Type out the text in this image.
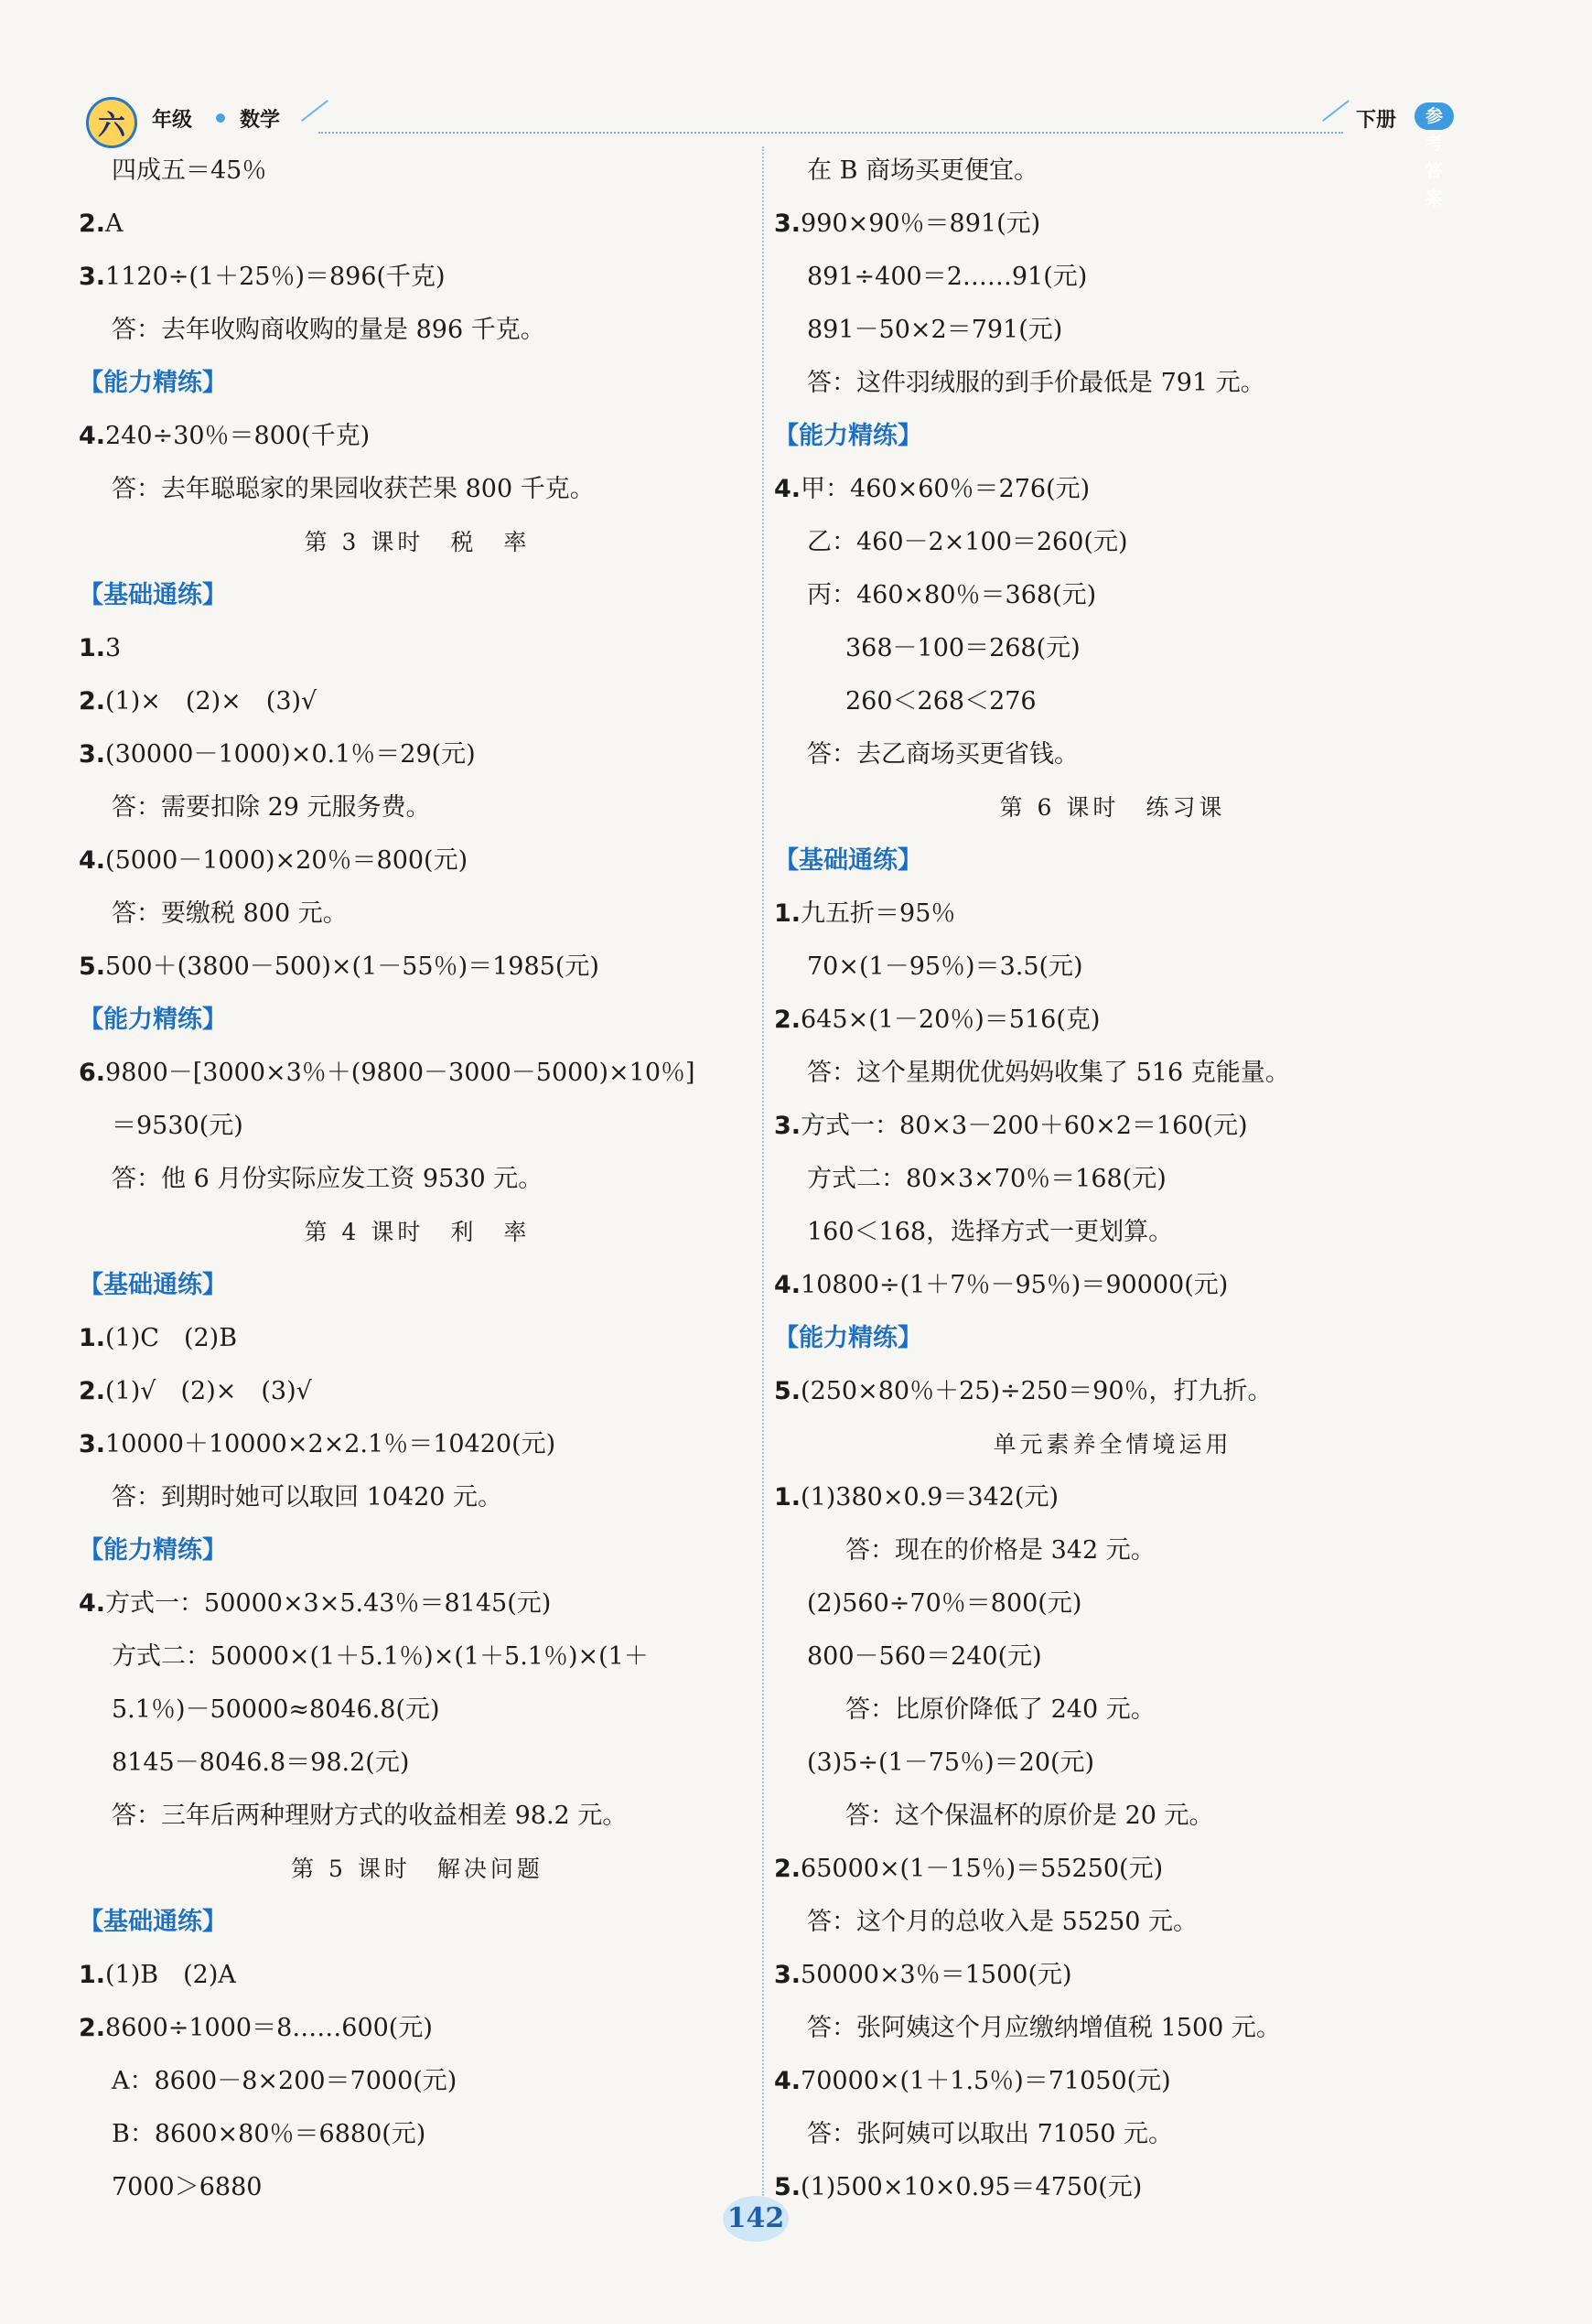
六	年级 数学	下册	参考答案
四成五＝45％
2.A
3.1120÷(1＋25％)＝896(千克)
答：去年收购商收购的量是 896 千克。
【能力精练】
4.240÷30％＝800(千克)
答：去年聪聪家的果园收获芒果 800 千克。
第 3 课时　税　率
【基础通练】
1.3
2.(1)×　(2)×　(3)√
3.(30000－1000)×0.1％＝29(元)
答：需要扣除 29 元服务费。
4.(5000－1000)×20％＝800(元)
答：要缴税 800 元。
5.500＋(3800－500)×(1－55％)＝1985(元)
【能力精练】
6.9800－[3000×3％＋(9800－3000－5000)×10％]
＝9530(元)
答：他 6 月份实际应发工资 9530 元。
第 4 课时　利　率
【基础通练】
1.(1)C　(2)B
2.(1)√　(2)×　(3)√
3.10000＋10000×2×2.1％＝10420(元)
答：到期时她可以取回 10420 元。
【能力精练】
4.方式一：50000×3×5.43％＝8145(元)
方式二：50000×(1＋5.1％)×(1＋5.1％)×(1＋
5.1％)－50000≈8046.8(元)
8145－8046.8＝98.2(元)
答：三年后两种理财方式的收益相差 98.2 元。
第 5 课时　解决问题
【基础通练】
1.(1)B　(2)A
2.8600÷1000＝8……600(元)
A：8600－8×200＝7000(元)
B：8600×80％＝6880(元)
7000＞6880
在 B 商场买更便宜。
3.990×90％＝891(元)
891÷400＝2……91(元)
891－50×2＝791(元)
答：这件羽绒服的到手价最低是 791 元。
【能力精练】
4.甲：460×60％＝276(元)
乙：460－2×100＝260(元)
丙：460×80％＝368(元)
368－100＝268(元)
260＜268＜276
答：去乙商场买更省钱。
第 6 课时　练习课
【基础通练】
1.九五折＝95％
70×(1－95％)＝3.5(元)
2.645×(1－20％)＝516(克)
答：这个星期优优妈妈收集了 516 克能量。
3.方式一：80×3－200＋60×2＝160(元)
方式二：80×3×70％＝168(元)
160＜168，选择方式一更划算。
4.10800÷(1＋7％－95％)＝90000(元)
【能力精练】
5.(250×80％＋25)÷250＝90％，打九折。
单元素养全情境运用
1.(1)380×0.9＝342(元)
答：现在的价格是 342 元。
(2)560÷70％＝800(元)
800－560＝240(元)
答：比原价降低了 240 元。
(3)5÷(1－75％)＝20(元)
答：这个保温杯的原价是 20 元。
2.65000×(1－15％)＝55250(元)
答：这个月的总收入是 55250 元。
3.50000×3％＝1500(元)
答：张阿姨这个月应缴纳增值税 1500 元。
4.70000×(1＋1.5％)＝71050(元)
答：张阿姨可以取出 71050 元。
5.(1)500×10×0.95＝4750(元)
142
